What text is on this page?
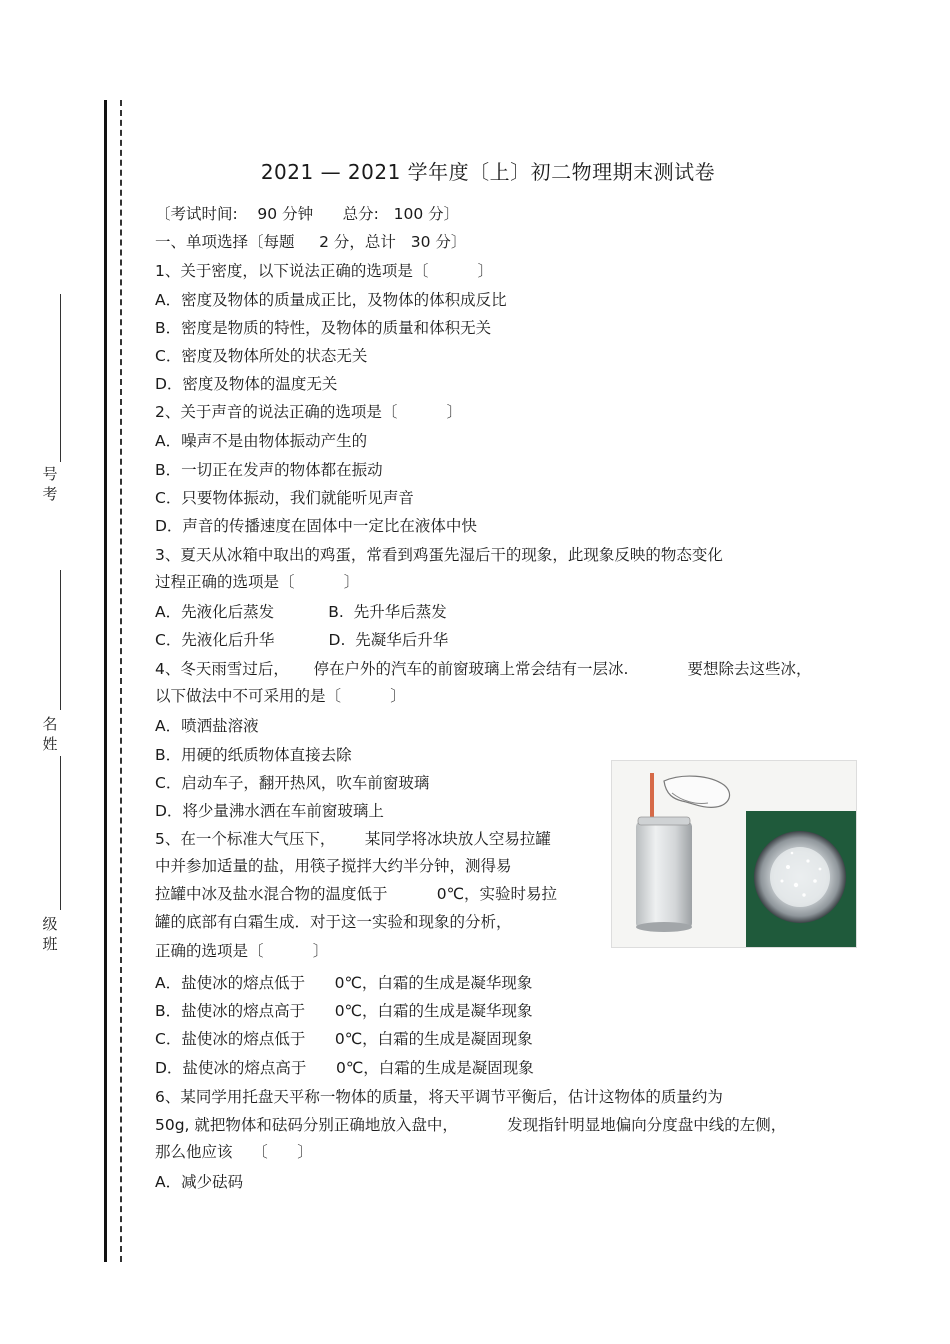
号
考
名
姓
级
班
2021 — 2021 学年度〔上〕初二物理期末测试卷
〔考试时间:    90 分钟      总分:   100 分〕
一、单项选择〔每题     2 分，总计   30 分〕
1、关于密度，以下说法正确的选项是〔          〕
A．密度及物体的质量成正比，及物体的体积成反比
B．密度是物质的特性，及物体的质量和体积无关
C．密度及物体所处的状态无关
D．密度及物体的温度无关
2、关于声音的说法正确的选项是〔          〕
A．噪声不是由物体振动产生的
B．一切正在发声的物体都在振动
C．只要物体振动，我们就能听见声音
D．声音的传播速度在固体中一定比在液体中快
3、夏天从冰箱中取出的鸡蛋，常看到鸡蛋先湿后干的现象，此现象反映的物态变化
过程正确的选项是〔          〕
A．先液化后蒸发           B.  先升华后蒸发
C．先液化后升华           D.  先凝华后升华
4、冬天雨雪过后，     停在户外的汽车的前窗玻璃上常会结有一层冰.            要想除去这些冰，
以下做法中不可采用的是〔          〕
A．喷洒盐溶液
B．用硬的纸质物体直接去除
C．启动车子，翻开热风，吹车前窗玻璃
D．将少量沸水洒在车前窗玻璃上
5、在一个标准大气压下，      某同学将冰块放人空易拉罐
中并参加适量的盐，用筷子搅拌大约半分钟，测得易
拉罐中冰及盐水混合物的温度低于          0℃，实验时易拉
罐的底部有白霜生成．对于这一实验和现象的分析，
正确的选项是〔          〕
A．盐使冰的熔点低于      0℃，白霜的生成是凝华现象
B．盐使冰的熔点高于      0℃，白霜的生成是凝华现象
C．盐使冰的熔点低于      0℃，白霜的生成是凝固现象
D．盐使冰的熔点高于      0℃，白霜的生成是凝固现象
6、某同学用托盘天平称一物体的质量，将天平调节平衡后，估计这物体的质量约为
50g, 就把物体和砝码分别正确地放入盘中，          发现指针明显地偏向分度盘中线的左侧，
那么他应该    〔      〕
A．减少砝码
